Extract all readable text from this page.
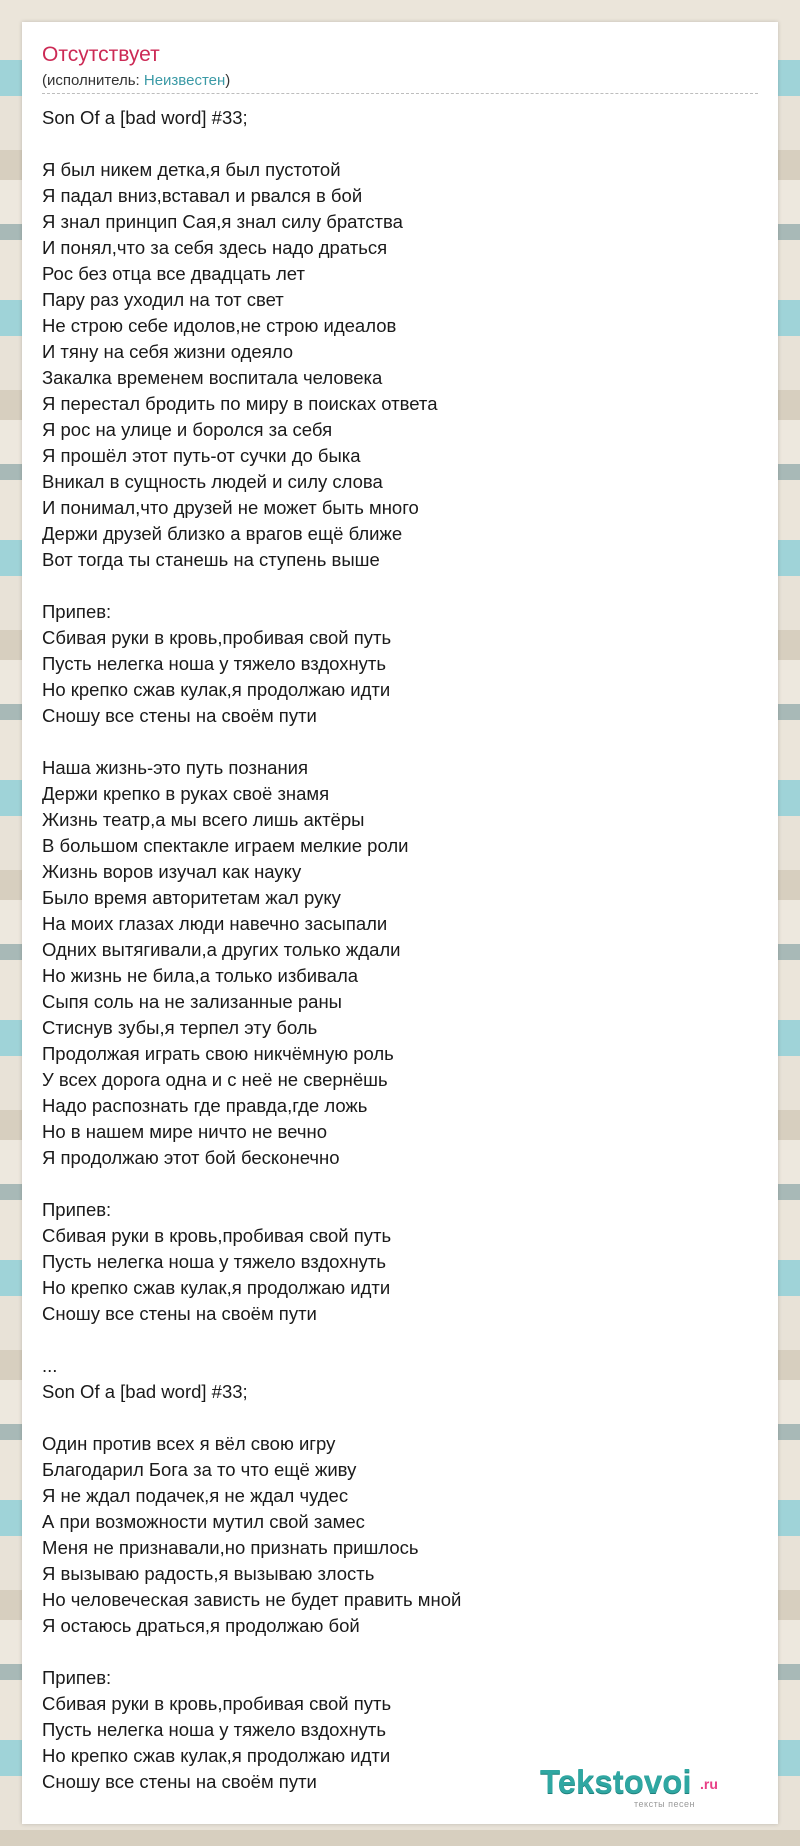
Отсутствует
(исполнитель: Неизвестен)
Son Of a [bad word] #33;
Я был никем детка,я был пустотой
Я падал вниз,вставал и рвался в бой
Я знал принцип Сая,я знал силу братства
И понял,что за себя здесь надо драться
Рос без отца все двадцать лет
Пару раз уходил на тот свет
Не строю себе идолов,не строю идеалов
И тяну на себя жизни одеяло
Закалка временем воспитала человека
Я перестал бродить по миру в поисках ответа
Я рос на улице и боролся за себя
Я прошёл этот путь-от сучки до быка
Вникал в сущность людей и силу слова
И понимал,что друзей не может быть много
Держи друзей близко а врагов ещё ближе
Вот тогда ты станешь на ступень выше
Припев:
Сбивая руки в кровь,пробивая свой путь
Пусть нелегка ноша у тяжело вздохнуть
Но крепко сжав кулак,я продолжаю идти
Сношу все стены на своём пути
Наша жизнь-это путь познания
Держи крепко в руках своё знамя
Жизнь театр,а мы всего лишь актёры
В большом спектакле играем мелкие роли
Жизнь воров изучал как науку
Было время авторитетам жал руку
На моих глазах люди навечно засыпали
Одних вытягивали,а других только ждали
Но жизнь не била,а только избивала
Сыпя соль на не зализанные раны
Стиснув зубы,я терпел эту боль
Продолжая играть свою никчёмную роль
У всех дорога одна и с неё не свернёшь
Надо распознать где правда,где ложь
Но в нашем мире ничто не вечно
Я продолжаю этот бой бесконечно
Припев:
Сбивая руки в кровь,пробивая свой путь
Пусть нелегка ноша у тяжело вздохнуть
Но крепко сжав кулак,я продолжаю идти
Сношу все стены на своём пути
...
Son Of a [bad word] #33;
Один против всех я вёл свою игру
Благодарил Бога за то что ещё живу
Я не ждал подачек,я не ждал чудес
А при возможности мутил свой замес
Меня не признавали,но признать пришлось
Я вызываю радость,я вызываю злость
Но человеческая зависть не будет править мной
Я остаюсь драться,я продолжаю бой
Припев:
Сбивая руки в кровь,пробивая свой путь
Пусть нелегка ноша у тяжело вздохнуть
Но крепко сжав кулак,я продолжаю идти
Сношу все стены на своём пути	Tekstovoi .ru
тексты песен
